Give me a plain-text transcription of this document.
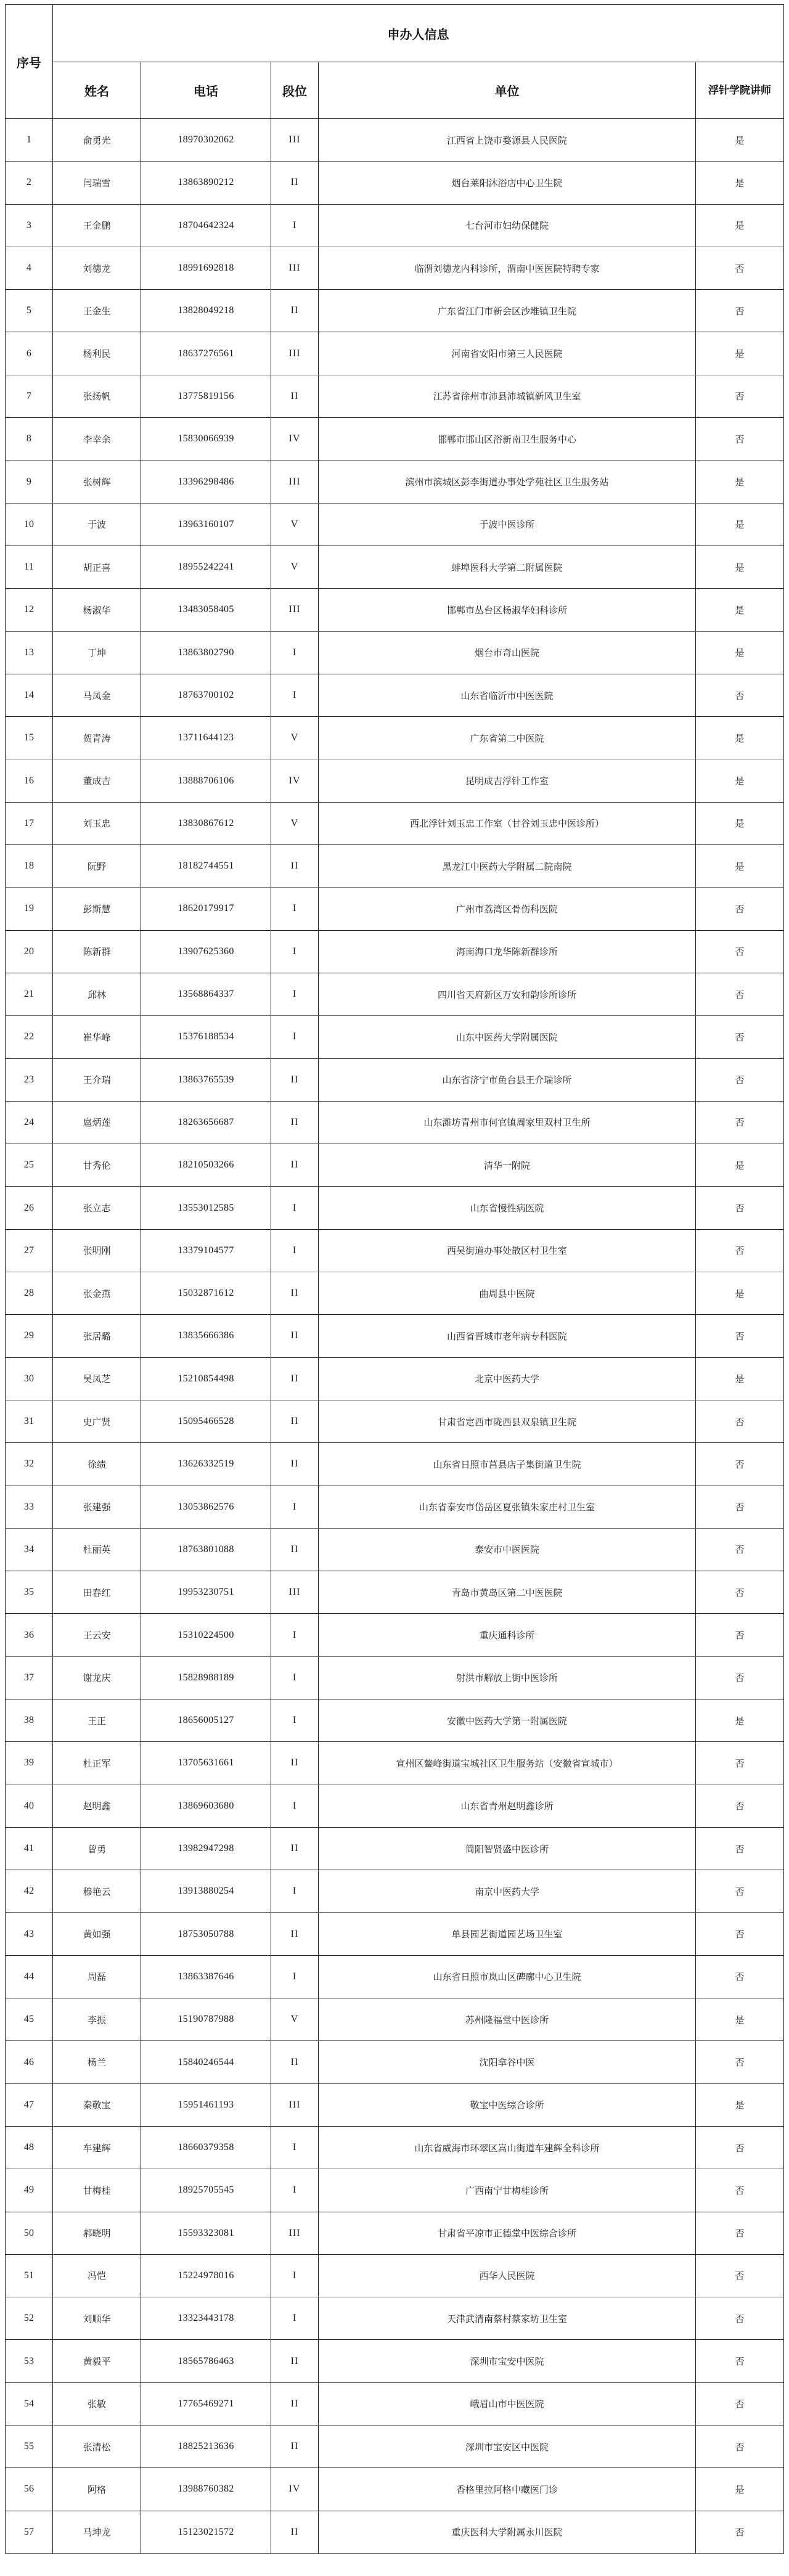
序号	申办人信息				
	姓名	电话	段位	单位	浮针学院讲师
1	俞勇光	18970302062	III	江西省上饶市婺源县人民医院	是
2	闫瑞雪	13863890212	II	烟台莱阳沐浴店中心卫生院	是
3	王金鹏	18704642324	I	七台河市妇幼保健院	是
4	刘德龙	18991692818	III	临渭刘德龙内科诊所，渭南中医医院特聘专家	否
5	王金生	13828049218	II	广东省江门市新会区沙堆镇卫生院	否
6	杨利民	18637276561	III	河南省安阳市第三人民医院	是
7	张扬帆	13775819156	II	江苏省徐州市沛县沛城镇新风卫生室	否
8	李幸余	15830066939	IV	邯郸市邯山区浴新南卫生服务中心	否
9	张树辉	13396298486	III	滨州市滨城区彭李街道办事处学苑社区卫生服务站	是
10	于波	13963160107	V	于波中医诊所	是
11	胡正喜	18955242241	V	蚌埠医科大学第二附属医院	是
12	杨淑华	13483058405	III	邯郸市丛台区杨淑华妇科诊所	是
13	丁坤	13863802790	I	烟台市奇山医院	是
14	马凤金	18763700102	I	山东省临沂市中医医院	否
15	贺青涛	13711644123	V	广东省第二中医院	是
16	董成吉	13888706106	IV	昆明成吉浮针工作室	是
17	刘玉忠	13830867612	V	西北浮针刘玉忠工作室（甘谷刘玉忠中医诊所）	是
18	阮野	18182744551	II	黑龙江中医药大学附属二院南院	是
19	彭斯慧	18620179917	I	广州市荔湾区骨伤科医院	否
20	陈新群	13907625360	I	海南海口龙华陈新群诊所	否
21	邱林	13568864337	I	四川省天府新区万安和韵诊所诊所	否
22	崔华峰	15376188534	I	山东中医药大学附属医院	否
23	王介瑞	13863765539	II	山东省济宁市鱼台县王介瑞诊所	否
24	扈炳莲	18263656687	II	山东潍坊青州市何官镇周家里双村卫生所	否
25	甘秀伦	18210503266	II	清华一附院	是
26	张立志	13553012585	I	山东省慢性病医院	否
27	张明刚	13379104577	I	西吴街道办事处散区村卫生室	否
28	张金燕	15032871612	II	曲周县中医院	是
29	张居璐	13835666386	II	山西省晋城市老年病专科医院	否
30	吴凤芝	15210854498	II	北京中医药大学	是
31	史广贤	15095466528	II	甘肃省定西市陇西县双泉镇卫生院	否
32	徐绩	13626332519	II	山东省日照市莒县店子集街道卫生院	否
33	张建强	13053862576	I	山东省泰安市岱岳区夏张镇朱家庄村卫生室	否
34	杜丽英	18763801088	II	泰安市中医医院	否
35	田春红	19953230751	III	青岛市黄岛区第二中医医院	否
36	王云安	15310224500	I	重庆通科诊所	否
37	谢龙庆	15828988189	I	射洪市解放上街中医诊所	否
38	王正	18656005127	I	安徽中医药大学第一附属医院	是
39	杜正军	13705631661	II	宣州区鳌峰街道宝城社区卫生服务站（安徽省宣城市）	否
40	赵明鑫	13869603680	I	山东省青州赵明鑫诊所	否
41	曾勇	13982947298	II	简阳智贤盛中医诊所	否
42	穆艳云	13913880254	I	南京中医药大学	否
43	黄如强	18753050788	II	单县园艺街道园艺场卫生室	否
44	周磊	13863387646	I	山东省日照市岚山区碑廓中心卫生院	否
45	李振	15190787988	V	苏州隆福堂中医诊所	是
46	杨兰	15840246544	II	沈阳拿谷中医	否
47	秦敬宝	15951461193	III	敬宝中医综合诊所	是
48	车建辉	18660379358	I	山东省威海市环翠区嵩山街道车建辉全科诊所	否
49	甘梅桂	18925705545	I	广西南宁甘梅桂诊所	否
50	郝晓明	15593323081	III	甘肃省平凉市正德堂中医综合诊所	否
51	冯恺	15224978016	I	西华人民医院	否
52	刘顺华	13323443178	I	天津武清南蔡村蔡家坊卫生室	否
53	黄毅平	18565786463	II	深圳市宝安中医院	否
54	张敏	17765469271	II	峨眉山市中医医院	否
55	张清松	18825213636	II	深圳市宝安区中医院	否
56	阿格	13988760382	IV	香格里拉阿格中藏医门诊	是
57	马坤龙	15123021572	II	重庆医科大学附属永川医院	否
